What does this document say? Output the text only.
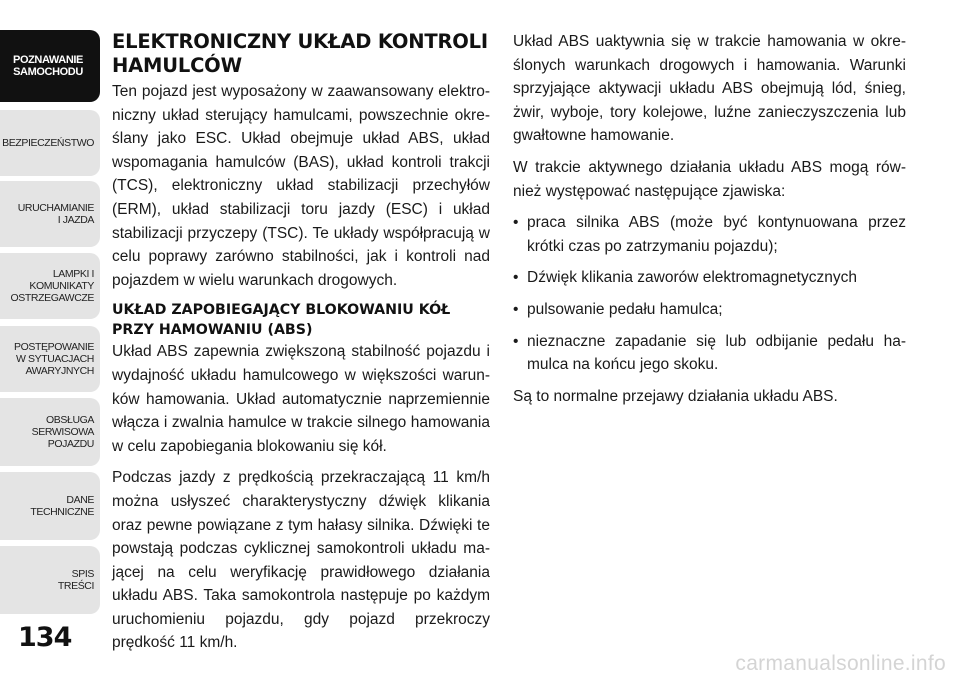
POZNAWANIE
SAMOCHODU
BEZPIECZEŃSTWO
URUCHAMIANIE
I JAZDA
LAMPKI I
KOMUNIKATY
OSTRZEGAWCZE
POSTĘPOWANIE
W SYTUACJACH
AWARYJNYCH
OBSŁUGA
SERWISOWA
POJAZDU
DANE
TECHNICZNE
SPIS
TREŚCI
134
ELEKTRONICZNY UKŁAD KONTROLI HAMULCÓW

Ten pojazd jest wyposażony w zaawansowany elektroniczny układ sterujący hamulcami, powszechnie określany jako ESC. Układ obejmuje układ ABS, układ wspomagania hamulców (BAS), układ kontroli trakcji (TCS), elektroniczny układ stabilizacji przechyłów (ERM), układ stabilizacji toru jazdy (ESC) i układ stabilizacji przyczepy (TSC). Te układy współpracują w celu poprawy zarówno stabilności, jak i kontroli nad pojazdem w wielu warunkach drogowych.

UKŁAD ZAPOBIEGAJĄCY BLOKOWANIU KÓŁ PRZY HAMOWANIU (ABS)

Układ ABS zapewnia zwiększoną stabilność pojazdu i wydajność układu hamulcowego w większości warunków hamowania. Układ automatycznie naprzemiennie włącza i zwalnia hamulce w trakcie silnego hamowania w celu zapobiegania blokowaniu się kół.

Podczas jazdy z prędkością przekraczającą 11 km/h można usłyszeć charakterystyczny dźwięk klikania oraz pewne powiązane z tym hałasy silnika. Dźwięki te powstają podczas cyklicznej samokontroli układu mającej na celu weryfikację prawidłowego działania układu ABS. Taka samokontrola następuje po każdym uruchomieniu pojazdu, gdy pojazd przekroczy prędkość 11 km/h.

Układ ABS uaktywnia się w trakcie hamowania w określonych warunkach drogowych i hamowania. Warunki sprzyjające aktywacji układu ABS obejmują lód, śnieg, żwir, wyboje, tory kolejowe, luźne zanieczyszczenia lub gwałtowne hamowanie.

W trakcie aktywnego działania układu ABS mogą również występować następujące zjawiska:

• praca silnika ABS (może być kontynuowana przez krótki czas po zatrzymaniu pojazdu);
• Dźwięk klikania zaworów elektromagnetycznych
• pulsowanie pedału hamulca;
• nieznaczne zapadanie się lub odbijanie pedału hamulca na końcu jego skoku.

Są to normalne przejawy działania układu ABS.

carmanualsonline.info
